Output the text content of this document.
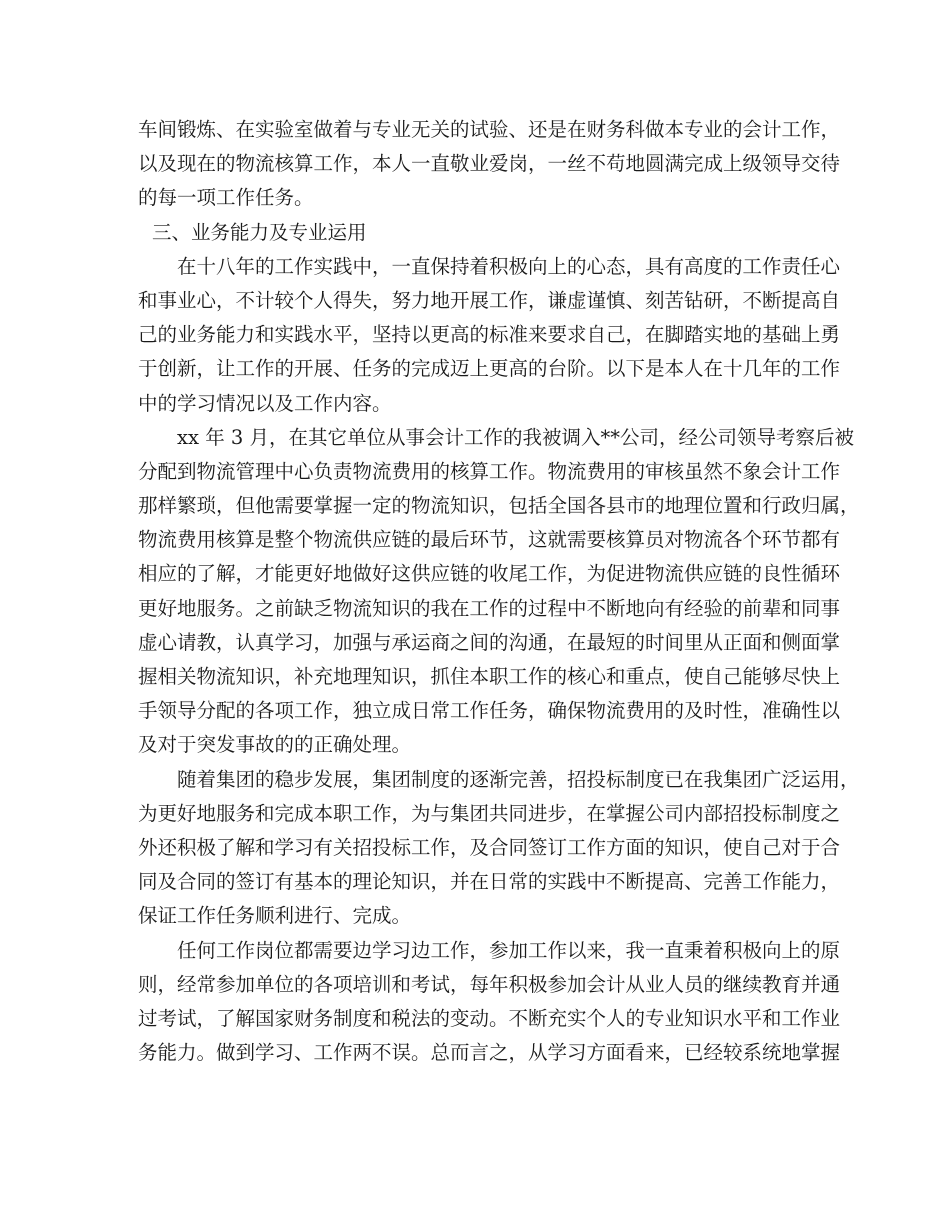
车间锻炼、在实验室做着与专业无关的试验、还是在财务科做本专业的会计工作，
以及现在的物流核算工作，本人一直敬业爱岗，一丝不苟地圆满完成上级领导交待
的每一项工作任务。
三、业务能力及专业运用
在十八年的工作实践中，一直保持着积极向上的心态，具有高度的工作责任心
和事业心，不计较个人得失，努力地开展工作，谦虚谨慎、刻苦钻研，不断提高自
己的业务能力和实践水平，坚持以更高的标准来要求自己，在脚踏实地的基础上勇
于创新，让工作的开展、任务的完成迈上更高的台阶。以下是本人在十几年的工作
中的学习情况以及工作内容。
xx 年 3 月，在其它单位从事会计工作的我被调入**公司，经公司领导考察后被
分配到物流管理中心负责物流费用的核算工作。物流费用的审核虽然不象会计工作
那样繁琐，但他需要掌握一定的物流知识，包括全国各县市的地理位置和行政归属，
物流费用核算是整个物流供应链的最后环节，这就需要核算员对物流各个环节都有
相应的了解，才能更好地做好这供应链的收尾工作，为促进物流供应链的良性循环
更好地服务。之前缺乏物流知识的我在工作的过程中不断地向有经验的前辈和同事
虚心请教，认真学习，加强与承运商之间的沟通，在最短的时间里从正面和侧面掌
握相关物流知识，补充地理知识，抓住本职工作的核心和重点，使自己能够尽快上
手领导分配的各项工作，独立成日常工作任务，确保物流费用的及时性，准确性以
及对于突发事故的的正确处理。
随着集团的稳步发展，集团制度的逐渐完善，招投标制度已在我集团广泛运用，
为更好地服务和完成本职工作，为与集团共同进步，在掌握公司内部招投标制度之
外还积极了解和学习有关招投标工作，及合同签订工作方面的知识，使自己对于合
同及合同的签订有基本的理论知识，并在日常的实践中不断提高、完善工作能力，
保证工作任务顺利进行、完成。
任何工作岗位都需要边学习边工作，参加工作以来，我一直秉着积极向上的原
则，经常参加单位的各项培训和考试，每年积极参加会计从业人员的继续教育并通
过考试，了解国家财务制度和税法的变动。不断充实个人的专业知识水平和工作业
务能力。做到学习、工作两不误。总而言之，从学习方面看来，已经较系统地掌握
